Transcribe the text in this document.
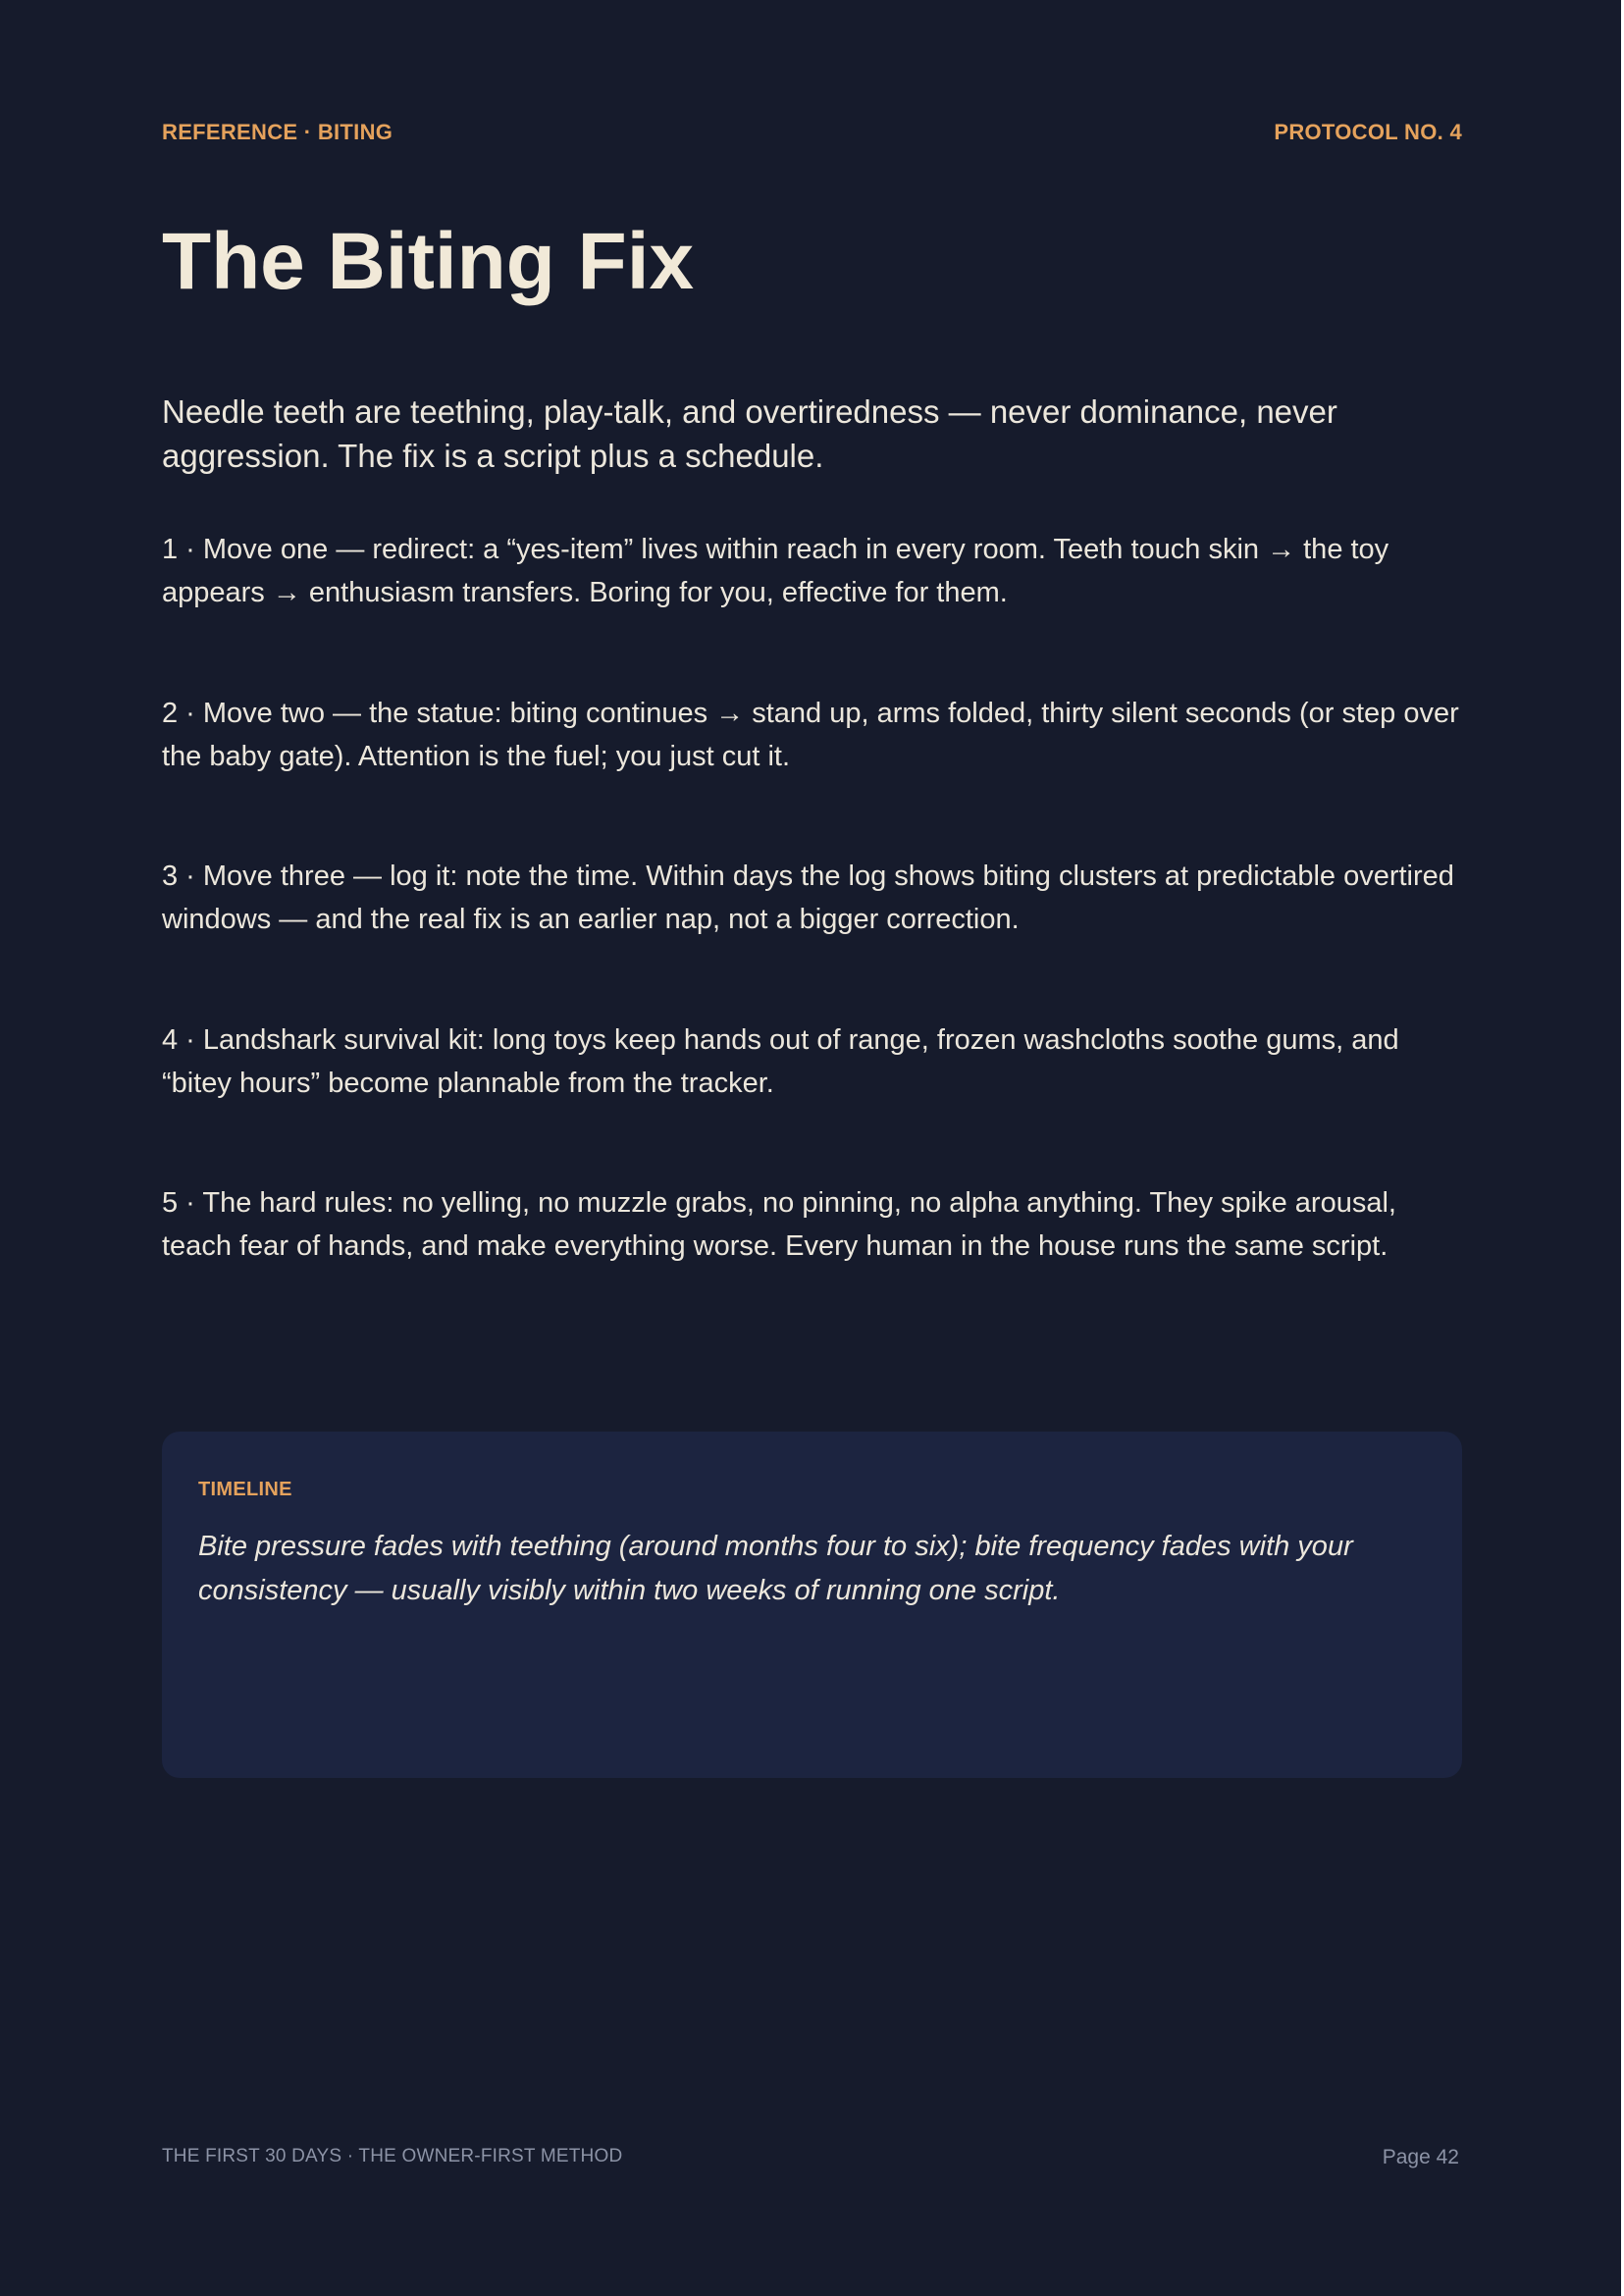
REFERENCE · BITING	PROTOCOL NO. 4
The Biting Fix

Needle teeth are teething, play-talk, and overtiredness — never dominance, never aggression. The fix is a script plus a schedule.

1 · Move one — redirect: a “yes-item” lives within reach in every room. Teeth touch skin → the toy appears → enthusiasm transfers. Boring for you, effective for them.

2 · Move two — the statue: biting continues → stand up, arms folded, thirty silent seconds (or step over the baby gate). Attention is the fuel; you just cut it.

3 · Move three — log it: note the time. Within days the log shows biting clusters at predictable overtired windows — and the real fix is an earlier nap, not a bigger correction.

4 · Landshark survival kit: long toys keep hands out of range, frozen washcloths soothe gums, and “bitey hours” become plannable from the tracker.

5 · The hard rules: no yelling, no muzzle grabs, no pinning, no alpha anything. They spike arousal, teach fear of hands, and make everything worse. Every human in the house runs the same script.

TIMELINE

Bite pressure fades with teething (around months four to six); bite frequency fades with your consistency — usually visibly within two weeks of running one script.

THE FIRST 30 DAYS · THE OWNER-FIRST METHOD	Page 42
